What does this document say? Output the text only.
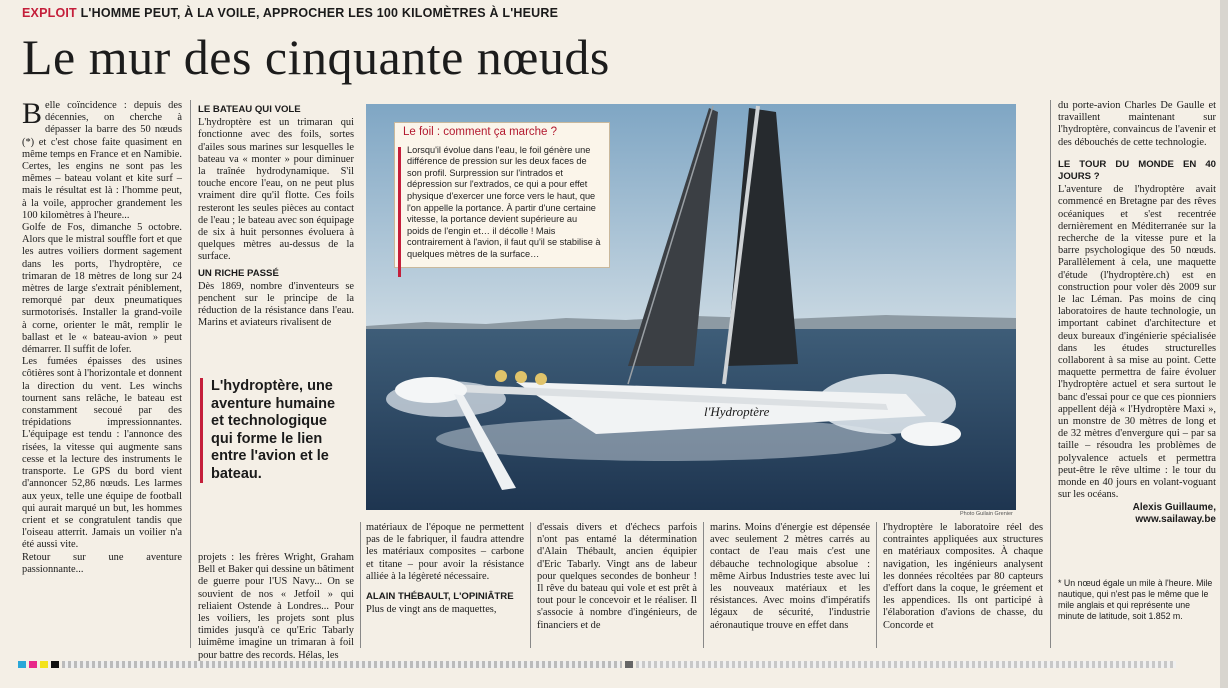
EXPLOIT L'HOMME PEUT, À LA VOILE, APPROCHER LES 100 KILOMÈTRES À L'HEURE
Le mur des cinquante nœuds

Belle coïncidence : depuis des décennies, on cherche à dépasser la barre des 50 nœuds (*) et c'est chose faite quasiment en même temps en France et en Namibie. Certes, les engins ne sont pas les mêmes – bateau volant et kite surf – mais le résultat est là : l'homme peut, à la voile, approcher grandement les 100 kilomètres à l'heure...

Golfe de Fos, dimanche 5 octobre. Alors que le mistral souffle fort et que les autres voiliers dorment sagement dans les ports, l'hydroptère, ce trimaran de 18 mètres de long sur 24 mètres de large s'extrait péniblement, remorqué par deux pneumatiques surmotorisés. Installer la grand-voile à corne, orienter le mât, remplir le ballast et le « bateau-avion » peut démarrer. Il suffit de lofer.

Les fumées épaisses des usines côtières sont à l'horizontale et donnent la direction du vent. Les winchs tournent sans relâche, le bateau est constamment secoué par des trépidations impressionnantes. L'équipage est tendu : l'annonce des risées, la vitesse qui augmente sans cesse et la lecture des instruments le transporte. Le GPS du bord vient d'annoncer 52,86 nœuds. Les larmes aux yeux, telle une équipe de football qui aurait marqué un but, les hommes crient et se congratulent tandis que l'oiseau atterrit. Jamais un voilier n'a été aussi vite.

Retour sur une aventure passionnante...

LE BATEAU QUI VOLE

L'hydroptère est un trimaran qui fonctionne avec des foils, sortes d'ailes sous marines sur lesquelles le bateau va « monter » pour diminuer la traînée hydrodynamique. S'il touche encore l'eau, on ne peut plus vraiment dire qu'il flotte. Ces foils resteront les seules pièces au contact de l'eau ; le bateau avec son équipage de six à huit personnes évoluera à quelques mètres au-dessus de la surface.

UN RICHE PASSÉ

Dès 1869, nombre d'inventeurs se penchent sur le principe de la réduction de la résistance dans l'eau. Marins et aviateurs rivalisent de

L'hydroptère, une aventure humaine et technologique qui forme le lien entre l'avion et le bateau.

projets : les frères Wright, Graham Bell et Baker qui dessine un bâtiment de guerre pour l'US Navy... On se souvient de nos « Jetfoil » qui reliaient Ostende à Londres... Pour les voiliers, les projets sont plus timides jusqu'à ce qu'Eric Tabarly luimême imagine un trimaran à foil pour battre des records. Hélas, les

l'Hydroptère
Photo Guilain Grenier
Le foil : comment ça marche ?

Lorsqu'il évolue dans l'eau, le foil génère une différence de pression sur les deux faces de son profil. Surpression sur l'intrados et dépression sur l'extrados, ce qui a pour effet physique d'exercer une force vers le haut, que l'on appelle la portance. À partir d'une certaine vitesse, la portance devient supérieure au poids de l'engin et… il décolle ! Mais contrairement à l'avion, il faut qu'il se stabilise à quelques mètres de la surface…

matériaux de l'époque ne permettent pas de le fabriquer, il faudra attendre les matériaux composites – carbone et titane – pour avoir la résistance alliée à la légèreté nécessaire.

ALAIN THÉBAULT, L'OPINIÂTRE

Plus de vingt ans de maquettes,

d'essais divers et d'échecs parfois n'ont pas entamé la détermination d'Alain Thébault, ancien équipier d'Eric Tabarly. Vingt ans de labeur pour quelques secondes de bonheur ! Il rêve du bateau qui vole et est prêt à tout pour le concevoir et le réaliser. Il s'associe à nombre d'ingénieurs, de financiers et de

marins. Moins d'énergie est dépensée avec seulement 2 mètres carrés au contact de l'eau mais c'est une débauche technologique absolue : même Airbus Industries teste avec lui les nouveaux matériaux et les résistances. Avec moins d'impératifs légaux de sécurité, l'industrie aéronautique trouve en effet dans

l'hydroptère le laboratoire réel des contraintes appliquées aux structures en matériaux composites. À chaque navigation, les ingénieurs analysent les données récoltées par 80 capteurs d'effort dans la coque, le gréement et les appendices. Ils ont participé à l'élaboration d'avions de chasse, du Concorde et

du porte-avion Charles De Gaulle et travaillent maintenant sur l'hydroptère, convaincus de l'avenir et des débouchés de cette technologie.

LE TOUR DU MONDE EN 40 JOURS ?

L'aventure de l'hydroptère avait commencé en Bretagne par des rêves océaniques et s'est recentrée dernièrement en Méditerranée sur la recherche de la vitesse pure et la barre psychologique des 50 nœuds. Parallèlement à cela, une maquette d'étude (l'hydroptère.ch) est en construction pour voler dès 2009 sur le lac Léman. Pas moins de cinq laboratoires de haute technologie, un important cabinet d'architecture et deux bureaux d'ingénierie spécialisée dans les études structurelles collaborent à sa mise au point. Cette maquette permettra de faire évoluer l'hydroptère actuel et sera surtout le banc d'essai pour ce que ces pionniers appellent déjà « l'Hydroptère Maxi », un monstre de 30 mètres de long et de 32 mètres d'envergure qui – par sa taille – résoudra les problèmes de polyvalence actuels et permettra peut-être le rêve ultime : le tour du monde en 40 jours en volant-voguant sur les océans.

Alexis Guillaume,
www.sailaway.be
* Un nœud égale un mile à l'heure. Mile nautique, qui n'est pas le même que le mile anglais et qui représente une minute de latitude, soit 1.852 m.
